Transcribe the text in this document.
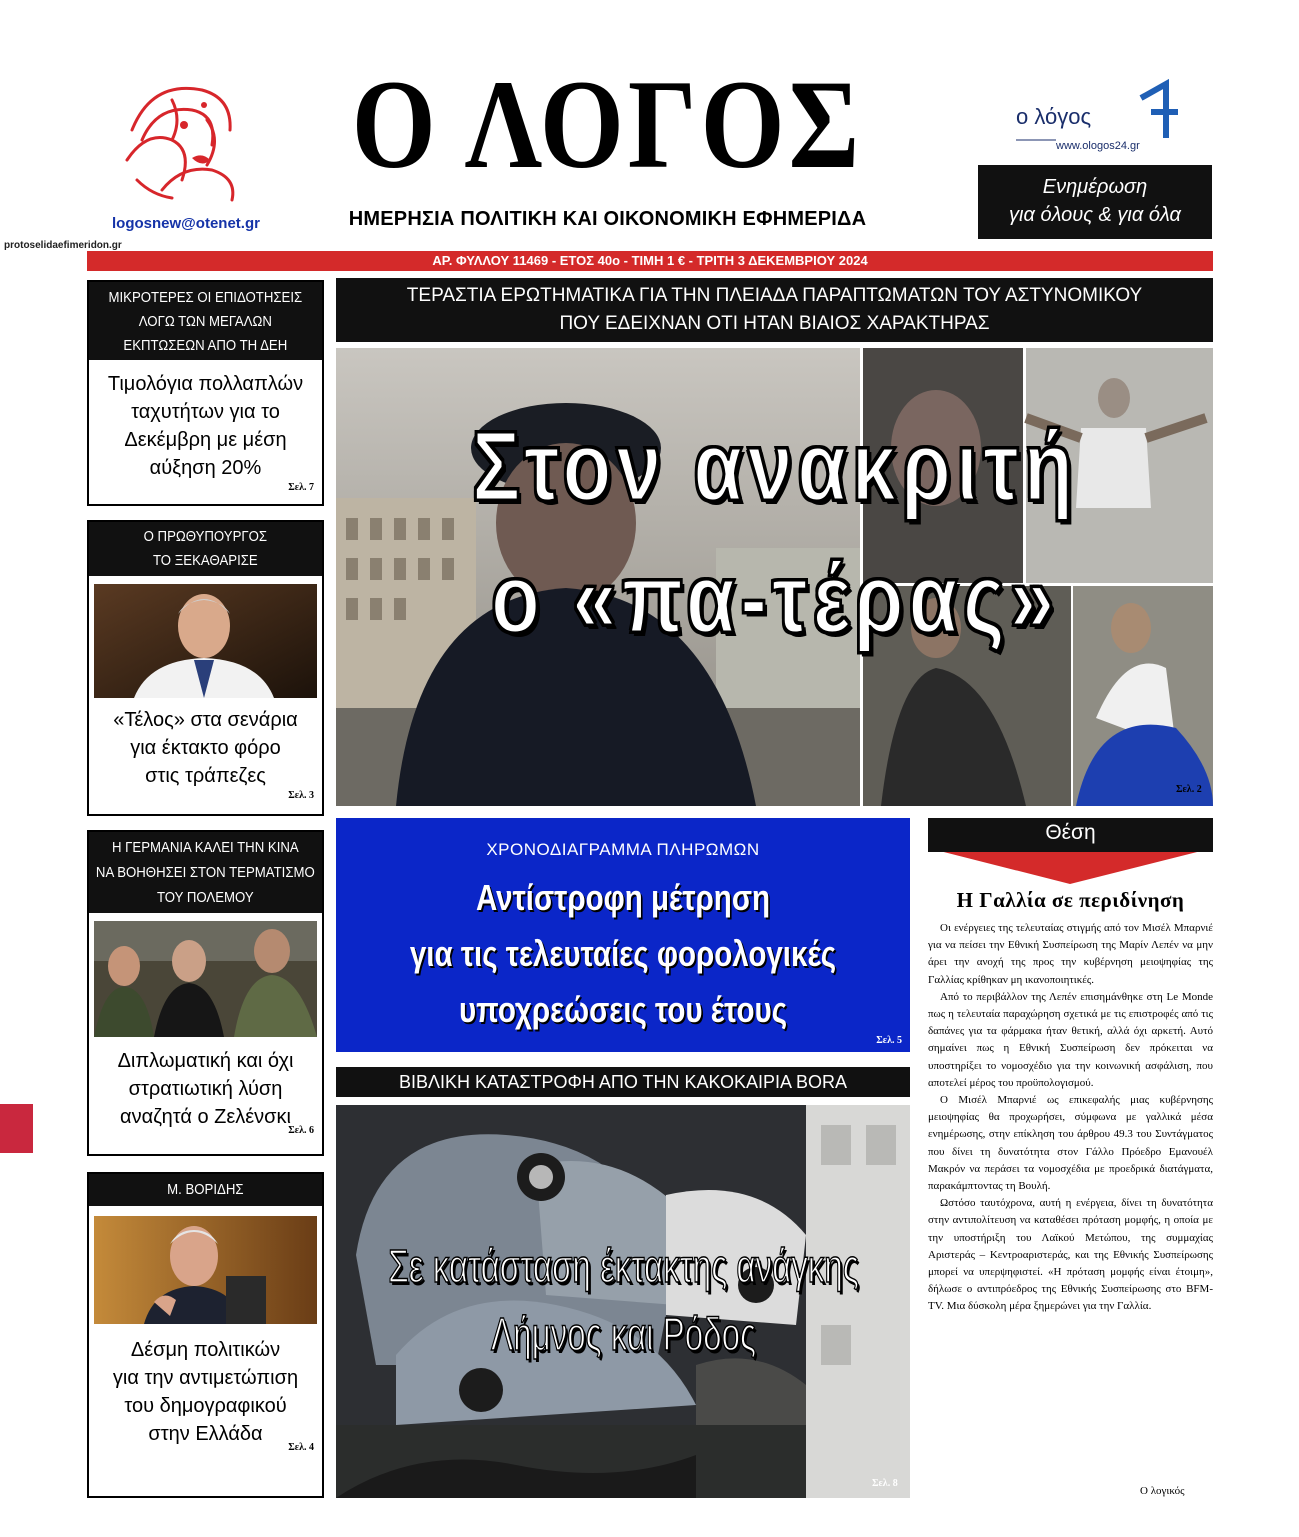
logosnew@otenet.gr
protoselidaefimeridon.gr
Ο ΛΟΓΟΣ
ΗΜΕΡΗΣΙΑ ΠΟΛΙΤΙΚΗ ΚΑΙ ΟΙΚΟΝΟΜΙΚΗ ΕΦΗΜΕΡΙΔΑ
ο λόγος
www.ologos24.gr
Ενημέρωση
για όλους & για όλα
ΑΡ. ΦΥΛΛΟΥ 11469 - ΕΤΟΣ 40ο - ΤΙΜΗ 1 € - ΤΡΙΤΗ 3 ΔΕΚΕΜΒΡΙΟΥ 2024
ΜΙΚΡΟΤΕΡΕΣ ΟΙ ΕΠΙΔΟΤΗΣΕΙΣ
ΛΟΓΩ ΤΩΝ ΜΕΓΑΛΩΝ
ΕΚΠΤΩΣΕΩΝ ΑΠΟ ΤΗ ΔΕΗ
Τιμολόγια πολλαπλών
ταχυτήτων για το
Δεκέμβρη με μέση
αύξηση 20%
Σελ. 7
Ο ΠΡΩΘΥΠΟΥΡΓΟΣ
ΤΟ ΞΕΚΑΘΑΡΙΣΕ
«Τέλος» στα σενάρια
για έκτακτο φόρο
στις τράπεζες
Σελ. 3
Η ΓΕΡΜΑΝΙΑ ΚΑΛΕΙ ΤΗΝ ΚΙΝΑ
ΝΑ ΒΟΗΘΗΣΕΙ ΣΤΟΝ ΤΕΡΜΑΤΙΣΜΟ
ΤΟΥ ΠΟΛΕΜΟΥ
Διπλωματική και όχι
στρατιωτική λύση
αναζητά ο Ζελένσκι
Σελ. 6
Μ. ΒΟΡΙΔΗΣ
Δέσμη πολιτικών
για την αντιμετώπιση
του δημογραφικού
στην Ελλάδα
Σελ. 4
ΤΕΡΑΣΤΙΑ ΕΡΩΤΗΜΑΤΙΚΑ ΓΙΑ ΤΗΝ ΠΛΕΙΑΔΑ ΠΑΡΑΠΤΩΜΑΤΩΝ ΤΟΥ ΑΣΤΥΝΟΜΙΚΟΥ
ΠΟΥ ΕΔΕΙΧΝΑΝ ΟΤΙ ΗΤΑΝ ΒΙΑΙΟΣ ΧΑΡΑΚΤΗΡΑΣ
Στον ανακριτή
ο «πα-τέρας»
Σελ. 2
ΧΡΟΝΟΔΙΑΓΡΑΜΜΑ ΠΛΗΡΩΜΩΝ
Αντίστροφη μέτρηση
για τις τελευταίες φορολογικές
υποχρεώσεις του έτους
Σελ. 5
ΒΙΒΛΙΚΗ ΚΑΤΑΣΤΡΟΦΗ ΑΠΟ ΤΗΝ ΚΑΚΟΚΑΙΡΙΑ BORA
Σε κατάσταση έκτακτης ανάγκης
Λήμνος και Ρόδος
Σελ. 8
Θέση
Η Γαλλία σε περιδίνηση

Οι ενέργειες της τελευταίας στιγμής από τον Μισέλ Μπαρνιέ για να πείσει την Εθνική Συσπείρωση της Μαρίν Λεπέν να μην άρει την ανοχή της προς την κυβέρνηση μειοψηφίας της Γαλλίας κρίθηκαν μη ικανοποιητικές.

Από το περιβάλλον της Λεπέν επισημάνθηκε στη Le Monde πως η τελευταία παραχώρηση σχετικά με τις επιστροφές από τις δαπάνες για τα φάρμακα ήταν θετική, αλλά όχι αρκετή. Αυτό σημαίνει πως η Εθνική Συσπείρωση δεν πρόκειται να υποστηρίξει το νομοσχέδιο για την κοινωνική ασφάλιση, που αποτελεί μέρος του προϋπολογισμού.

Ο Μισέλ Μπαρνιέ ως επικεφαλής μιας κυβέρνησης μειοψηφίας θα προχωρήσει, σύμφωνα με γαλλικά μέσα ενημέρωσης, στην επίκληση του άρθρου 49.3 του Συντάγματος που δίνει τη δυνατότητα στον Γάλλο Πρόεδρο Εμανουέλ Μακρόν να περάσει τα νομοσχέδια με προεδρικά διατάγματα, παρακάμπτοντας τη Βουλή.

Ωστόσο ταυτόχρονα, αυτή η ενέργεια, δίνει τη δυνατότητα στην αντιπολίτευση να καταθέσει πρόταση μομφής, η οποία με την υποστήριξη του Λαϊκού Μετώπου, της συμμαχίας Αριστεράς – Κεντροαριστεράς, και της Εθνικής Συσπείρωσης μπορεί να υπερψηφιστεί. «Η πρόταση μομφής είναι έτοιμη», δήλωσε ο αντιπρόεδρος της Εθνικής Συσπείρωσης στο BFM-TV. Μια δύσκολη μέρα ξημερώνει για την Γαλλία.

Ο λογικός
